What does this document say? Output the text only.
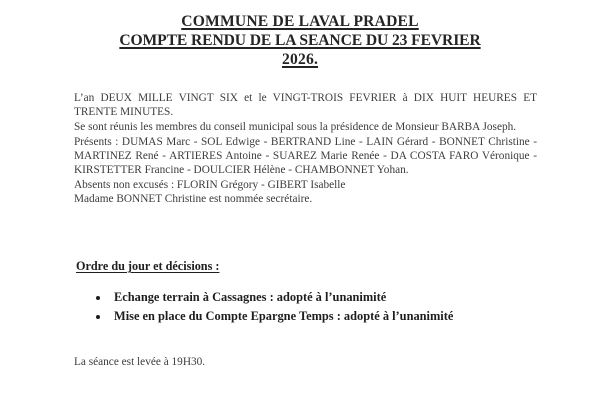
COMMUNE DE LAVAL PRADEL
COMPTE RENDU DE LA SEANCE DU 23 FEVRIER
2026.

L’an DEUX MILLE VINGT SIX et le VINGT-TROIS FEVRIER à DIX HUIT HEURES ET TRENTE MINUTES.

Se sont réunis les membres du conseil municipal sous la présidence de Monsieur BARBA Joseph.

Présents : DUMAS Marc - SOL Edwige - BERTRAND Line - LAIN Gérard - BONNET Christine - MARTINEZ René - ARTIERES Antoine - SUAREZ Marie Renée - DA COSTA FARO Véronique - KIRSTETTER Francine - DOULCIER Hélène - CHAMBONNET Yohan.

Absents non excusés : FLORIN Grégory - GIBERT Isabelle

Madame BONNET Christine est nommée secrétaire.

Ordre du jour et décisions :
Echange terrain à Cassagnes : adopté à l’unanimité
Mise en place du Compte Epargne Temps : adopté à l’unanimité
La séance est levée à 19H30.
